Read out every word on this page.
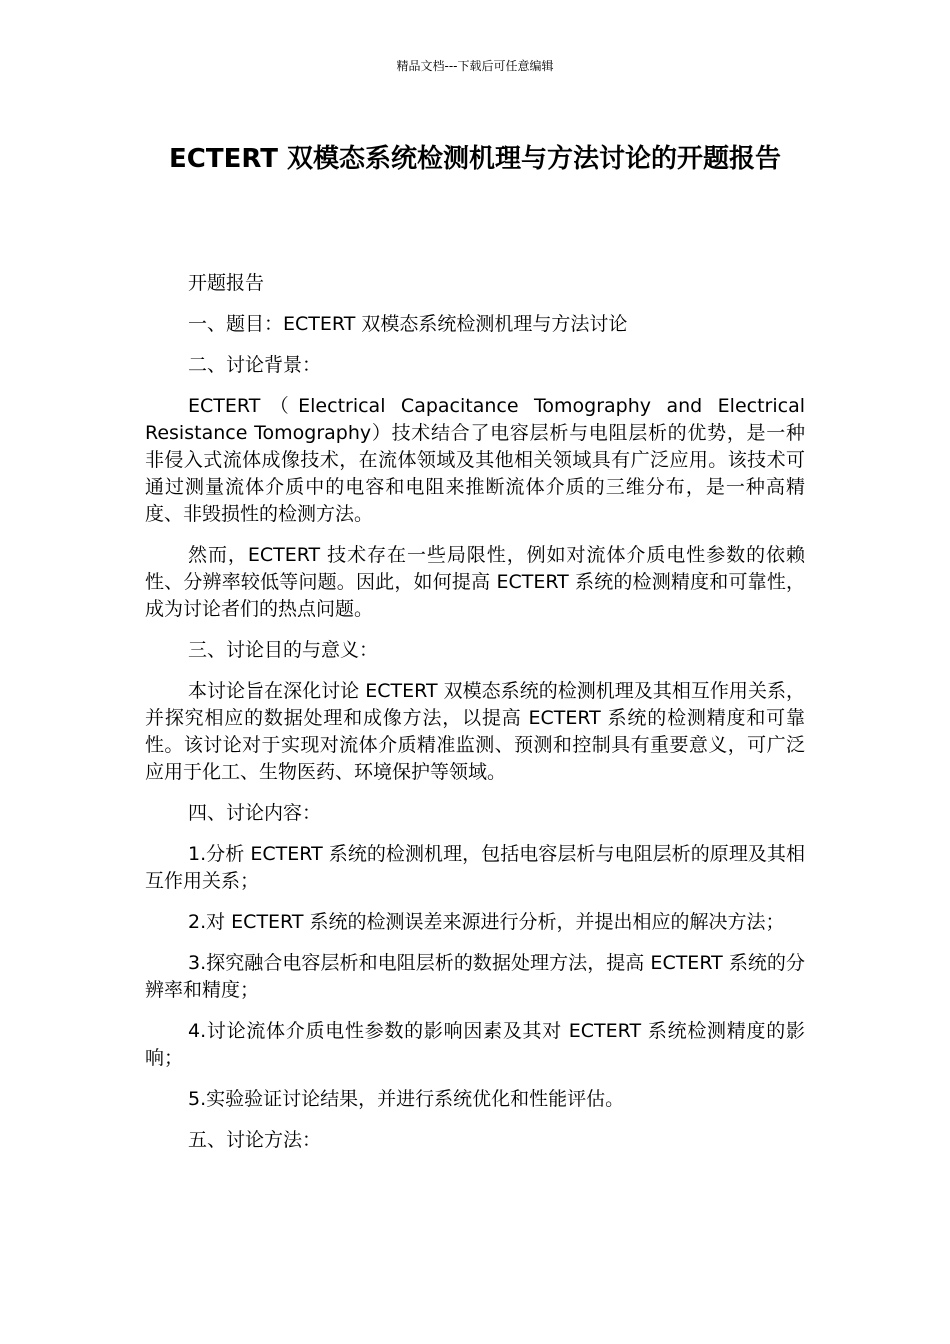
精品文档---下载后可任意编辑
ECTERT 双模态系统检测机理与方法讨论的开题报告

开题报告

一、题目：ECTERT 双模态系统检测机理与方法讨论

二、讨论背景：

ECTERT（Electrical Capacitance Tomography and Electrical Resistance Tomography）技术结合了电容层析与电阻层析的优势，是一种非侵入式流体成像技术，在流体领域及其他相关领域具有广泛应用。该技术可通过测量流体介质中的电容和电阻来推断流体介质的三维分布，是一种高精度、非毁损性的检测方法。

然而，ECTERT 技术存在一些局限性，例如对流体介质电性参数的依赖性、分辨率较低等问题。因此，如何提高 ECTERT 系统的检测精度和可靠性，成为讨论者们的热点问题。

三、讨论目的与意义：

本讨论旨在深化讨论 ECTERT 双模态系统的检测机理及其相互作用关系，并探究相应的数据处理和成像方法，以提高 ECTERT 系统的检测精度和可靠性。该讨论对于实现对流体介质精准监测、预测和控制具有重要意义，可广泛应用于化工、生物医药、环境保护等领域。

四、讨论内容：

1.分析 ECTERT 系统的检测机理，包括电容层析与电阻层析的原理及其相互作用关系；

2.对 ECTERT 系统的检测误差来源进行分析，并提出相应的解决方法；

3.探究融合电容层析和电阻层析的数据处理方法，提高 ECTERT 系统的分辨率和精度；

4.讨论流体介质电性参数的影响因素及其对 ECTERT 系统检测精度的影响；

5.实验验证讨论结果，并进行系统优化和性能评估。

五、讨论方法：
